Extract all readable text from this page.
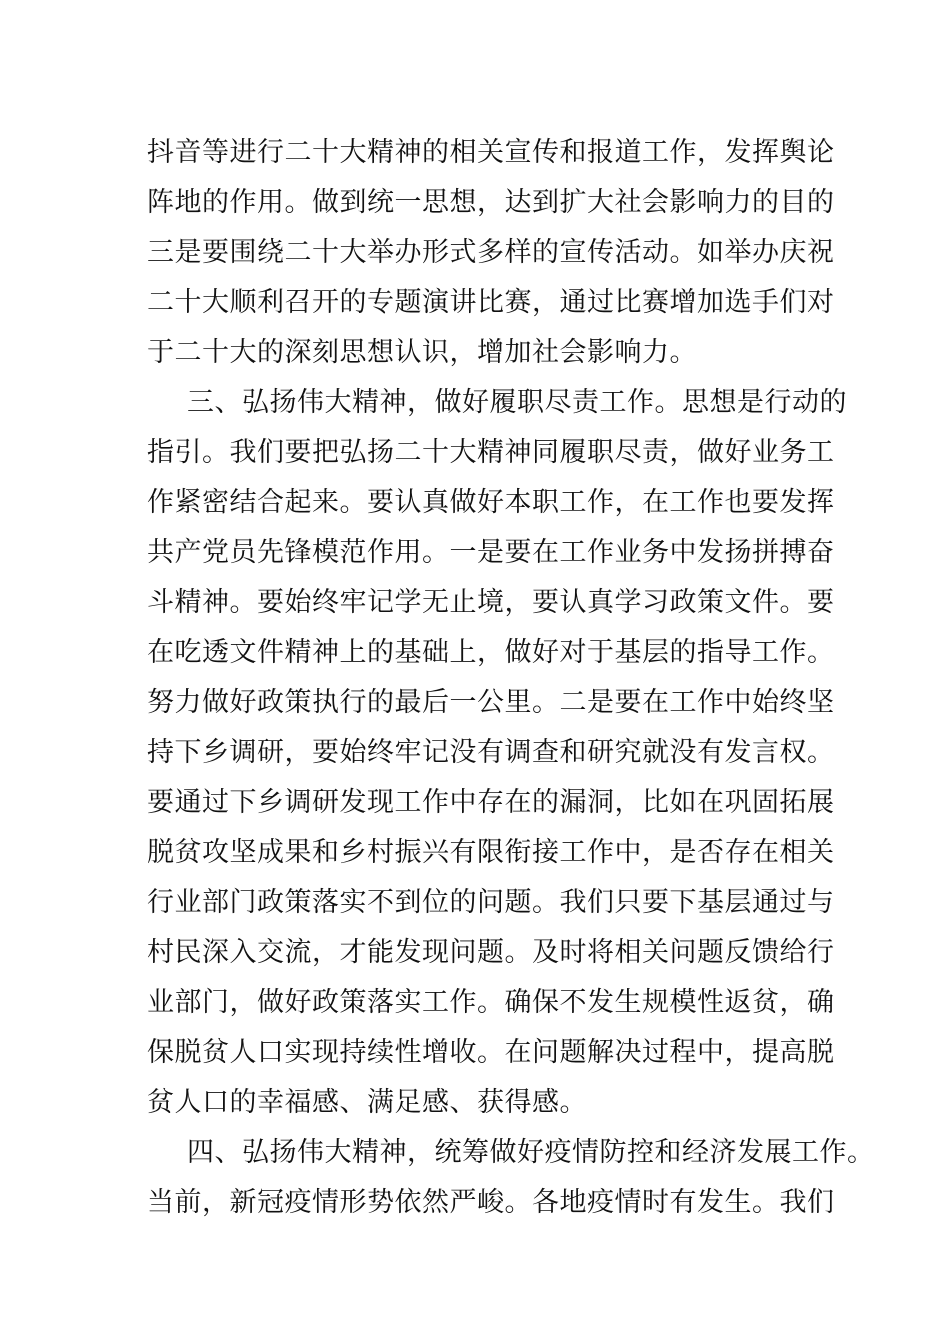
抖音等进行二十大精神的相关宣传和报道工作，发挥舆论
阵地的作用。做到统一思想，达到扩大社会影响力的目的
三是要围绕二十大举办形式多样的宣传活动。如举办庆祝
二十大顺利召开的专题演讲比赛，通过比赛增加选手们对
于二十大的深刻思想认识，增加社会影响力。
三、弘扬伟大精神，做好履职尽责工作。思想是行动的
指引。我们要把弘扬二十大精神同履职尽责，做好业务工
作紧密结合起来。要认真做好本职工作，在工作也要发挥
共产党员先锋模范作用。一是要在工作业务中发扬拼搏奋
斗精神。要始终牢记学无止境，要认真学习政策文件。要
在吃透文件精神上的基础上，做好对于基层的指导工作。
努力做好政策执行的最后一公里。二是要在工作中始终坚
持下乡调研，要始终牢记没有调查和研究就没有发言权。
要通过下乡调研发现工作中存在的漏洞，比如在巩固拓展
脱贫攻坚成果和乡村振兴有限衔接工作中，是否存在相关
行业部门政策落实不到位的问题。我们只要下基层通过与
村民深入交流，才能发现问题。及时将相关问题反馈给行
业部门，做好政策落实工作。确保不发生规模性返贫，确
保脱贫人口实现持续性增收。在问题解决过程中，提高脱
贫人口的幸福感、满足感、获得感。
四、弘扬伟大精神，统筹做好疫情防控和经济发展工作。
当前，新冠疫情形势依然严峻。各地疫情时有发生。我们
